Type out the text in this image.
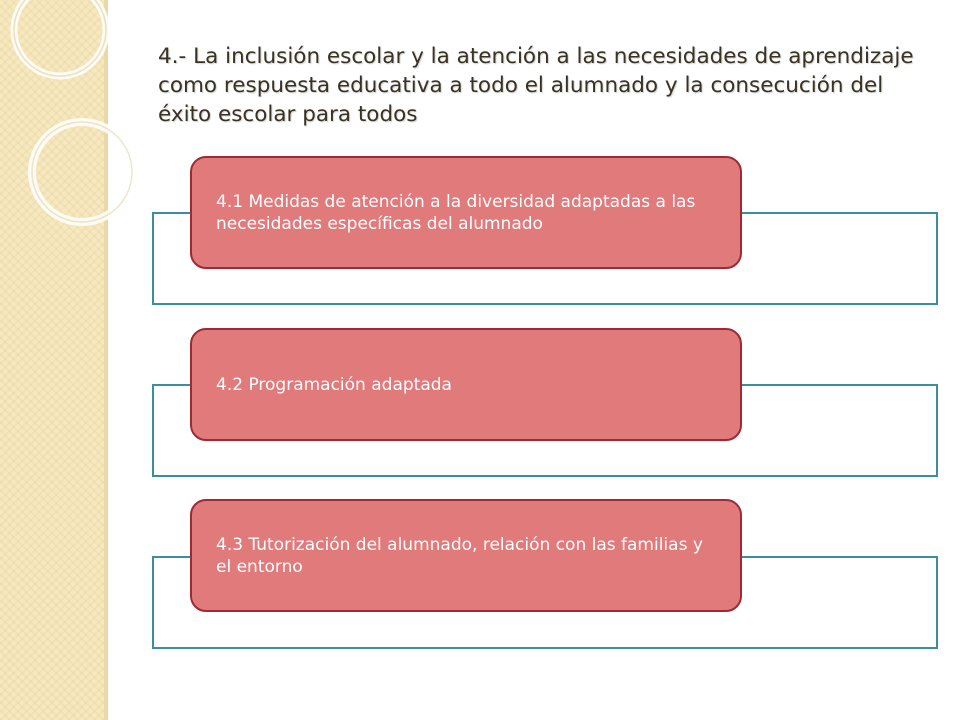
4.- La inclusión escolar y la atención a las necesidades de aprendizaje como respuesta educativa a todo el alumnado y la consecución del éxito escolar para todos
4.1 Medidas de atención a la diversidad adaptadas a las necesidades específicas del alumnado
4.2 Programación adaptada
4.3 Tutorización del alumnado, relación con las familias y el entorno
